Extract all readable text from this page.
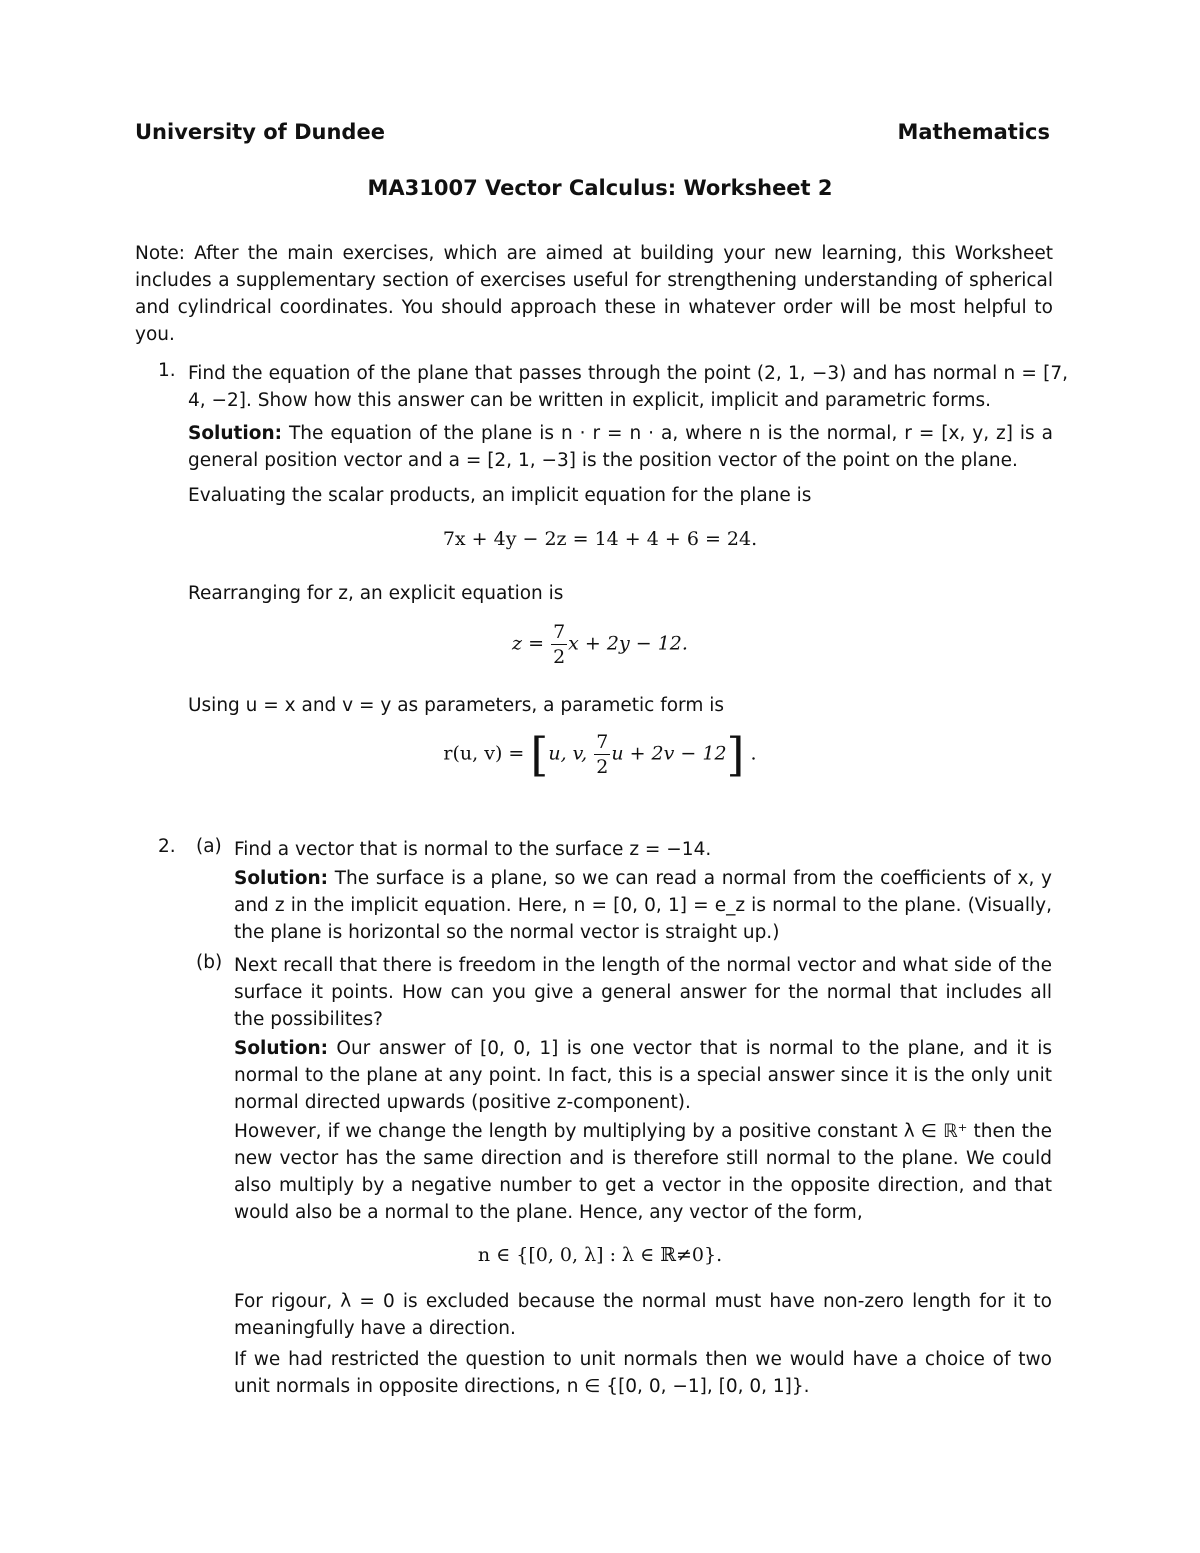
University of Dundee	Mathematics
MA31007 Vector Calculus: Worksheet 2
Note: After the main exercises, which are aimed at building your new learning, this Worksheet includes a supplementary section of exercises useful for strengthening understanding of spherical and cylindrical coordinates. You should approach these in whatever order will be most helpful to you.
1. Find the equation of the plane that passes through the point (2, 1, −3) and has normal n = [7, 4, −2]. Show how this answer can be written in explicit, implicit and parametric forms.
Solution: The equation of the plane is n · r = n · a, where n is the normal, r = [x, y, z] is a general position vector and a = [2, 1, −3] is the position vector of the point on the plane.
Evaluating the scalar products, an implicit equation for the plane is
7x + 4y − 2z = 14 + 4 + 6 = 24.
Rearranging for z, an explicit equation is
$z = \frac{7}{2}$ x + 2y − 12.
Using u = x and v = y as parameters, a parametic form is
r(u, v) = [u, v, $\frac{7}{2}$ u + 2v − 12] .
2. (a) Find a vector that is normal to the surface z = −14.
Solution: The surface is a plane, so we can read a normal from the coefficients of x, y and z in the implicit equation. Here, n = [0, 0, 1] = e_z is normal to the plane. (Visually, the plane is horizontal so the normal vector is straight up.)
(b) Next recall that there is freedom in the length of the normal vector and what side of the surface it points. How can you give a general answer for the normal that includes all the possibilites?
Solution: Our answer of [0, 0, 1] is one vector that is normal to the plane, and it is normal to the plane at any point. In fact, this is a special answer since it is the only unit normal directed upwards (positive z-component).
However, if we change the length by multiplying by a positive constant λ ∈ ℝ⁺ then the new vector has the same direction and is therefore still normal to the plane. We could also multiply by a negative number to get a vector in the opposite direction, and that would also be a normal to the plane. Hence, any vector of the form,
n ∈ {[0, 0, λ] : λ ∈ ℝ≠0}.
For rigour, λ = 0 is excluded because the normal must have non-zero length for it to meaningfully have a direction.
If we had restricted the question to unit normals then we would have a choice of two unit normals in opposite directions, n ∈ {[0, 0, −1], [0, 0, 1]}.
